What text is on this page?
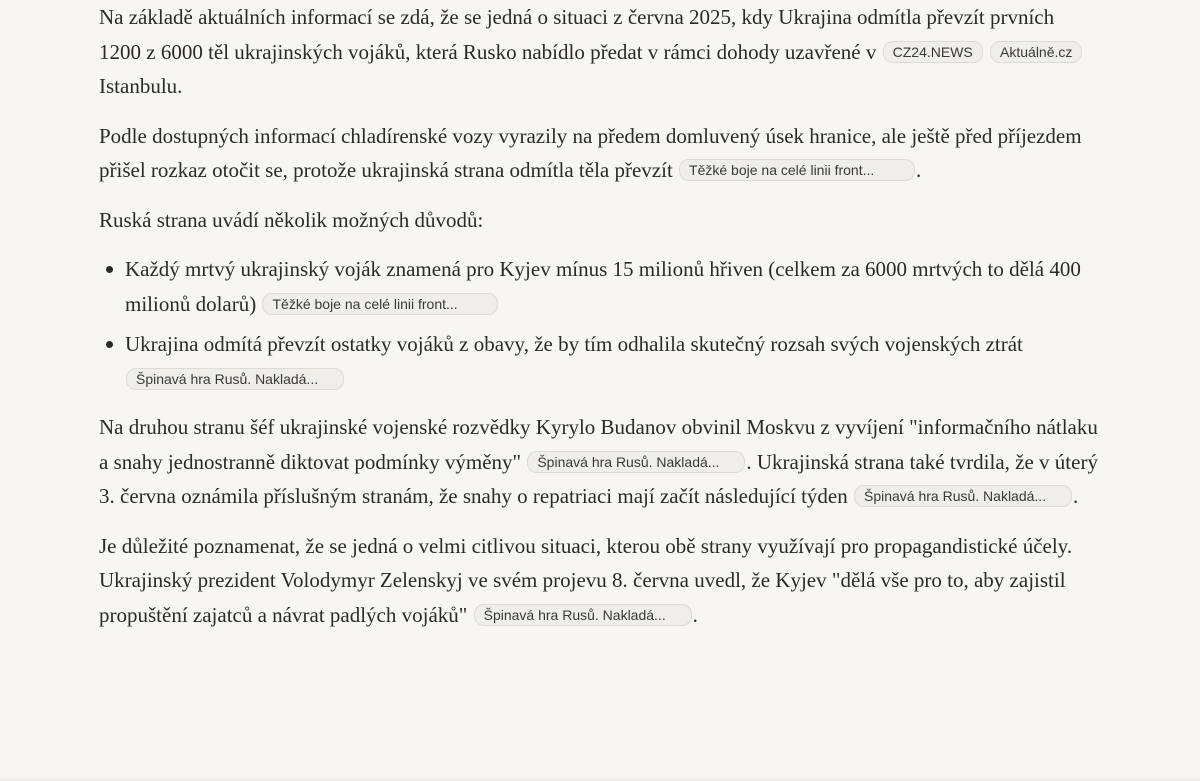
Na základě aktuálních informací se zdá, že se jedná o situaci z června 2025, kdy Ukrajina odmítla převzít prvních 1200 z 6000 těl ukrajinských vojáků, která Rusko nabídlo předat v rámci dohody uzavřené v CZ24.NEWS Aktuálně.cz Istanbulu.

Podle dostupných informací chladírenské vozy vyrazily na předem domluvený úsek hranice, ale ještě před příjezdem přišel rozkaz otočit se, protože ukrajinská strana odmítla těla převzít Těžké boje na celé linii front... .

Ruská strana uvádí několik možných důvodů:

Každý mrtvý ukrajinský voják znamená pro Kyjev mínus 15 milionů hřiven (celkem za 6000 mrtvých to dělá 400 milionů dolarů) Těžké boje na celé linii front...
Ukrajina odmítá převzít ostatky vojáků z obavy, že by tím odhalila skutečný rozsah svých vojenských ztrát Špinavá hra Rusů. Nakladá...

Na druhou stranu šéf ukrajinské vojenské rozvědky Kyrylo Budanov obvinil Moskvu z vyvíjení "informačního nátlaku a snahy jednostranně diktovat podmínky výměny" Špinavá hra Rusů. Nakladá... . Ukrajinská strana také tvrdila, že v úterý 3. června oznámila příslušným stranám, že snahy o repatriaci mají začít následující týden Špinavá hra Rusů. Nakladá... .

Je důležité poznamenat, že se jedná o velmi citlivou situaci, kterou obě strany využívají pro propagandistické účely. Ukrajinský prezident Volodymyr Zelenskyj ve svém projevu 8. června uvedl, že Kyjev "dělá vše pro to, aby zajistil propuštění zajatců a návrat padlých vojáků" Špinavá hra Rusů. Nakladá... .
